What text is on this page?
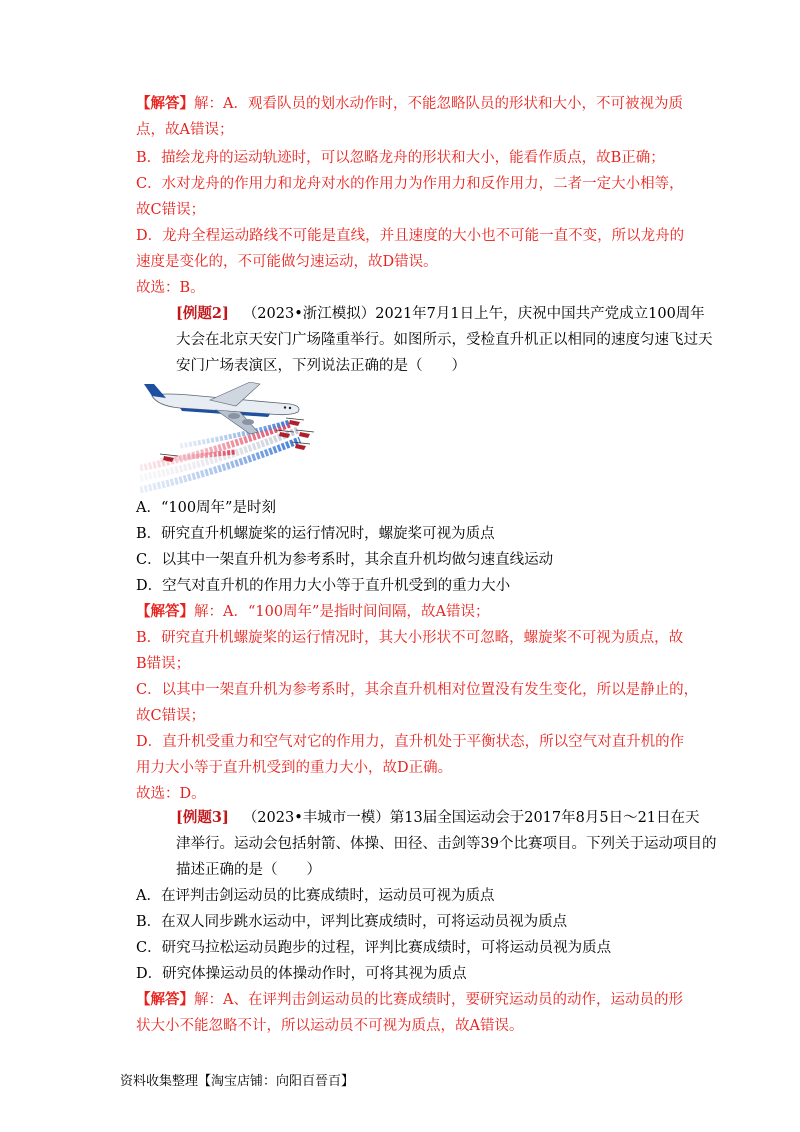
【解答】解：A．观看队员的划水动作时，不能忽略队员的形状和大小，不可被视为质
点，故A错误；
B．描绘龙舟的运动轨迹时，可以忽略龙舟的形状和大小，能看作质点，故B正确；
C．水对龙舟的作用力和龙舟对水的作用力为作用力和反作用力，二者一定大小相等，
故C错误；
D．龙舟全程运动路线不可能是直线，并且速度的大小也不可能一直不变，所以龙舟的
速度是变化的，不可能做匀速运动，故D错误。
故选：B。
[例题2] （2023•浙江模拟）2021年7月1日上午，庆祝中国共产党成立100周年
大会在北京天安门广场隆重举行。如图所示，受检直升机正以相同的速度匀速飞过天
安门广场表演区，下列说法正确的是（　　）
A．“100周年”是时刻
B．研究直升机螺旋桨的运行情况时，螺旋桨可视为质点
C．以其中一架直升机为参考系时，其余直升机均做匀速直线运动
D．空气对直升机的作用力大小等于直升机受到的重力大小
【解答】解：A．“100周年”是指时间间隔，故A错误；
B．研究直升机螺旋桨的运行情况时，其大小形状不可忽略，螺旋桨不可视为质点，故
B错误；
C．以其中一架直升机为参考系时，其余直升机相对位置没有发生变化，所以是静止的，
故C错误；
D．直升机受重力和空气对它的作用力，直升机处于平衡状态，所以空气对直升机的作
用力大小等于直升机受到的重力大小，故D正确。
故选：D。
[例题3] （2023•丰城市一模）第13届全国运动会于2017年8月5日～21日在天
津举行。运动会包括射箭、体操、田径、击剑等39个比赛项目。下列关于运动项目的
描述正确的是（　　）
A．在评判击剑运动员的比赛成绩时，运动员可视为质点
B．在双人同步跳水运动中，评判比赛成绩时，可将运动员视为质点
C．研究马拉松运动员跑步的过程，评判比赛成绩时，可将运动员视为质点
D．研究体操运动员的体操动作时，可将其视为质点
【解答】解：A、在评判击剑运动员的比赛成绩时，要研究运动员的动作，运动员的形
状大小不能忽略不计，所以运动员不可视为质点，故A错误。
资料收集整理【淘宝店铺：向阳百晉百】
